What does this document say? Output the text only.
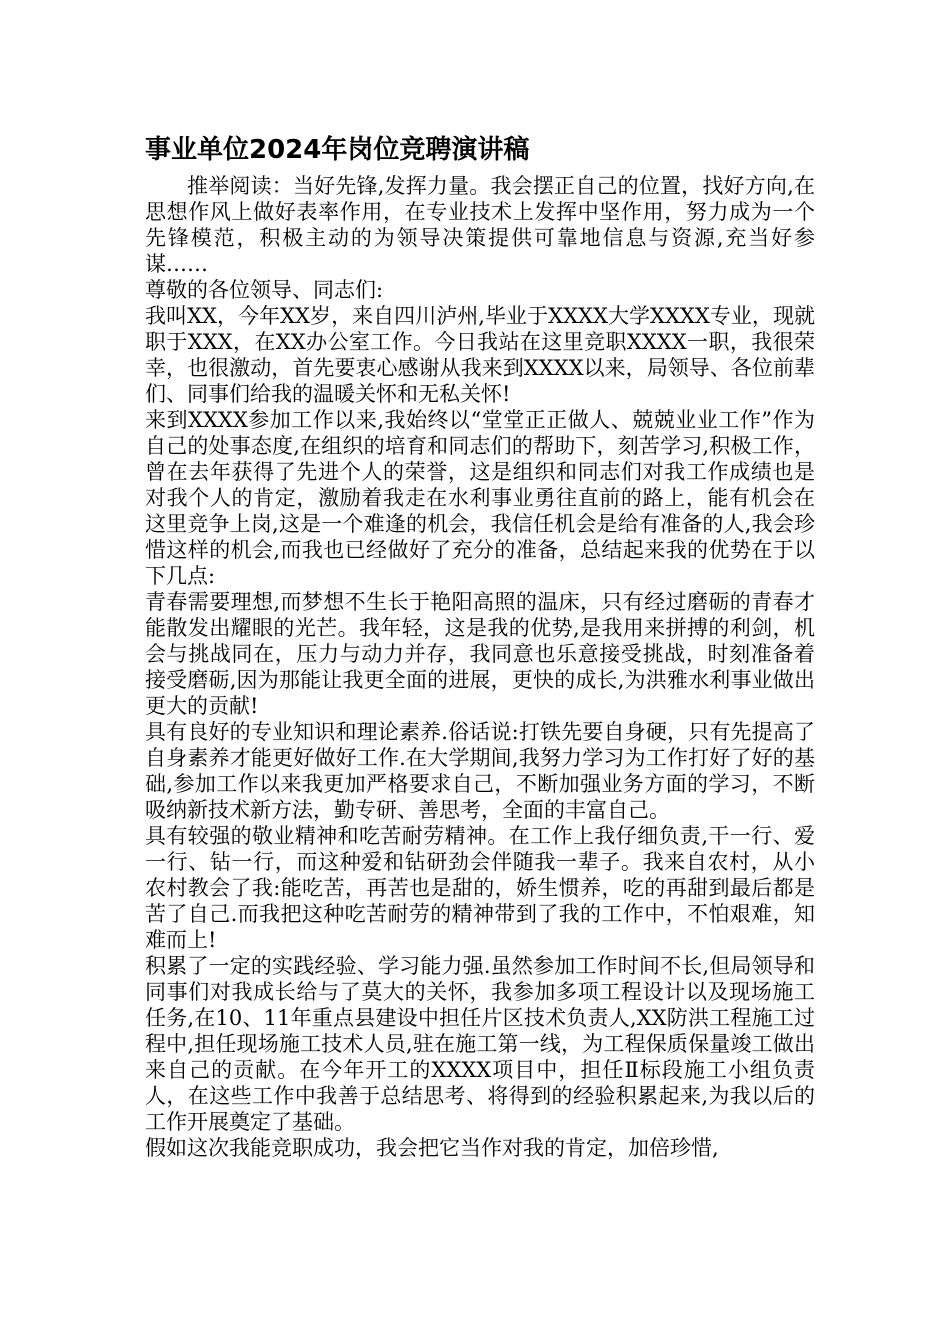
事业单位2024年岗位竞聘演讲稿

推举阅读：当好先锋,发挥力量。我会摆正自己的位置，找好方向,在思想作风上做好表率作用，在专业技术上发挥中坚作用，努力成为一个先锋模范，积极主动的为领导决策提供可靠地信息与资源,充当好参谋……

尊敬的各位领导、同志们:

我叫XX，今年XX岁，来自四川泸州,毕业于XXXX大学XXXX专业，现就职于XXX，在XX办公室工作。今日我站在这里竞职XXXX一职，我很荣幸，也很激动，首先要衷心感谢从我来到XXXX以来，局领导、各位前辈们、同事们给我的温暖关怀和无私关怀!

来到XXXX参加工作以来,我始终以“堂堂正正做人、兢兢业业工作”作为自己的处事态度,在组织的培育和同志们的帮助下，刻苦学习,积极工作，曾在去年获得了先进个人的荣誉，这是组织和同志们对我工作成绩也是对我个人的肯定，激励着我走在水利事业勇往直前的路上，能有机会在这里竞争上岗,这是一个难逢的机会，我信任机会是给有准备的人,我会珍惜这样的机会,而我也已经做好了充分的准备，总结起来我的优势在于以下几点:

青春需要理想,而梦想不生长于艳阳高照的温床，只有经过磨砺的青春才能散发出耀眼的光芒。我年轻，这是我的优势,是我用来拼搏的利剑，机会与挑战同在，压力与动力并存，我同意也乐意接受挑战，时刻准备着接受磨砺,因为那能让我更全面的进展，更快的成长,为洪雅水利事业做出更大的贡献!

具有良好的专业知识和理论素养.俗话说:打铁先要自身硬，只有先提高了自身素养才能更好做好工作.在大学期间,我努力学习为工作打好了好的基础,参加工作以来我更加严格要求自己，不断加强业务方面的学习，不断吸纳新技术新方法，勤专研、善思考，全面的丰富自己。

具有较强的敬业精神和吃苦耐劳精神。在工作上我仔细负责,干一行、爱一行、钻一行，而这种爱和钻研劲会伴随我一辈子。我来自农村，从小农村教会了我:能吃苦，再苦也是甜的，娇生惯养，吃的再甜到最后都是苦了自己.而我把这种吃苦耐劳的精神带到了我的工作中，不怕艰难，知难而上!

积累了一定的实践经验、学习能力强.虽然参加工作时间不长,但局领导和同事们对我成长给与了莫大的关怀，我参加多项工程设计以及现场施工任务,在10、11年重点县建设中担任片区技术负责人,XX防洪工程施工过程中,担任现场施工技术人员,驻在施工第一线，为工程保质保量竣工做出来自己的贡献。在今年开工的XXXX项目中，担任Ⅱ标段施工小组负责人，在这些工作中我善于总结思考、将得到的经验积累起来,为我以后的工作开展奠定了基础。

假如这次我能竞职成功，我会把它当作对我的肯定，加倍珍惜,
